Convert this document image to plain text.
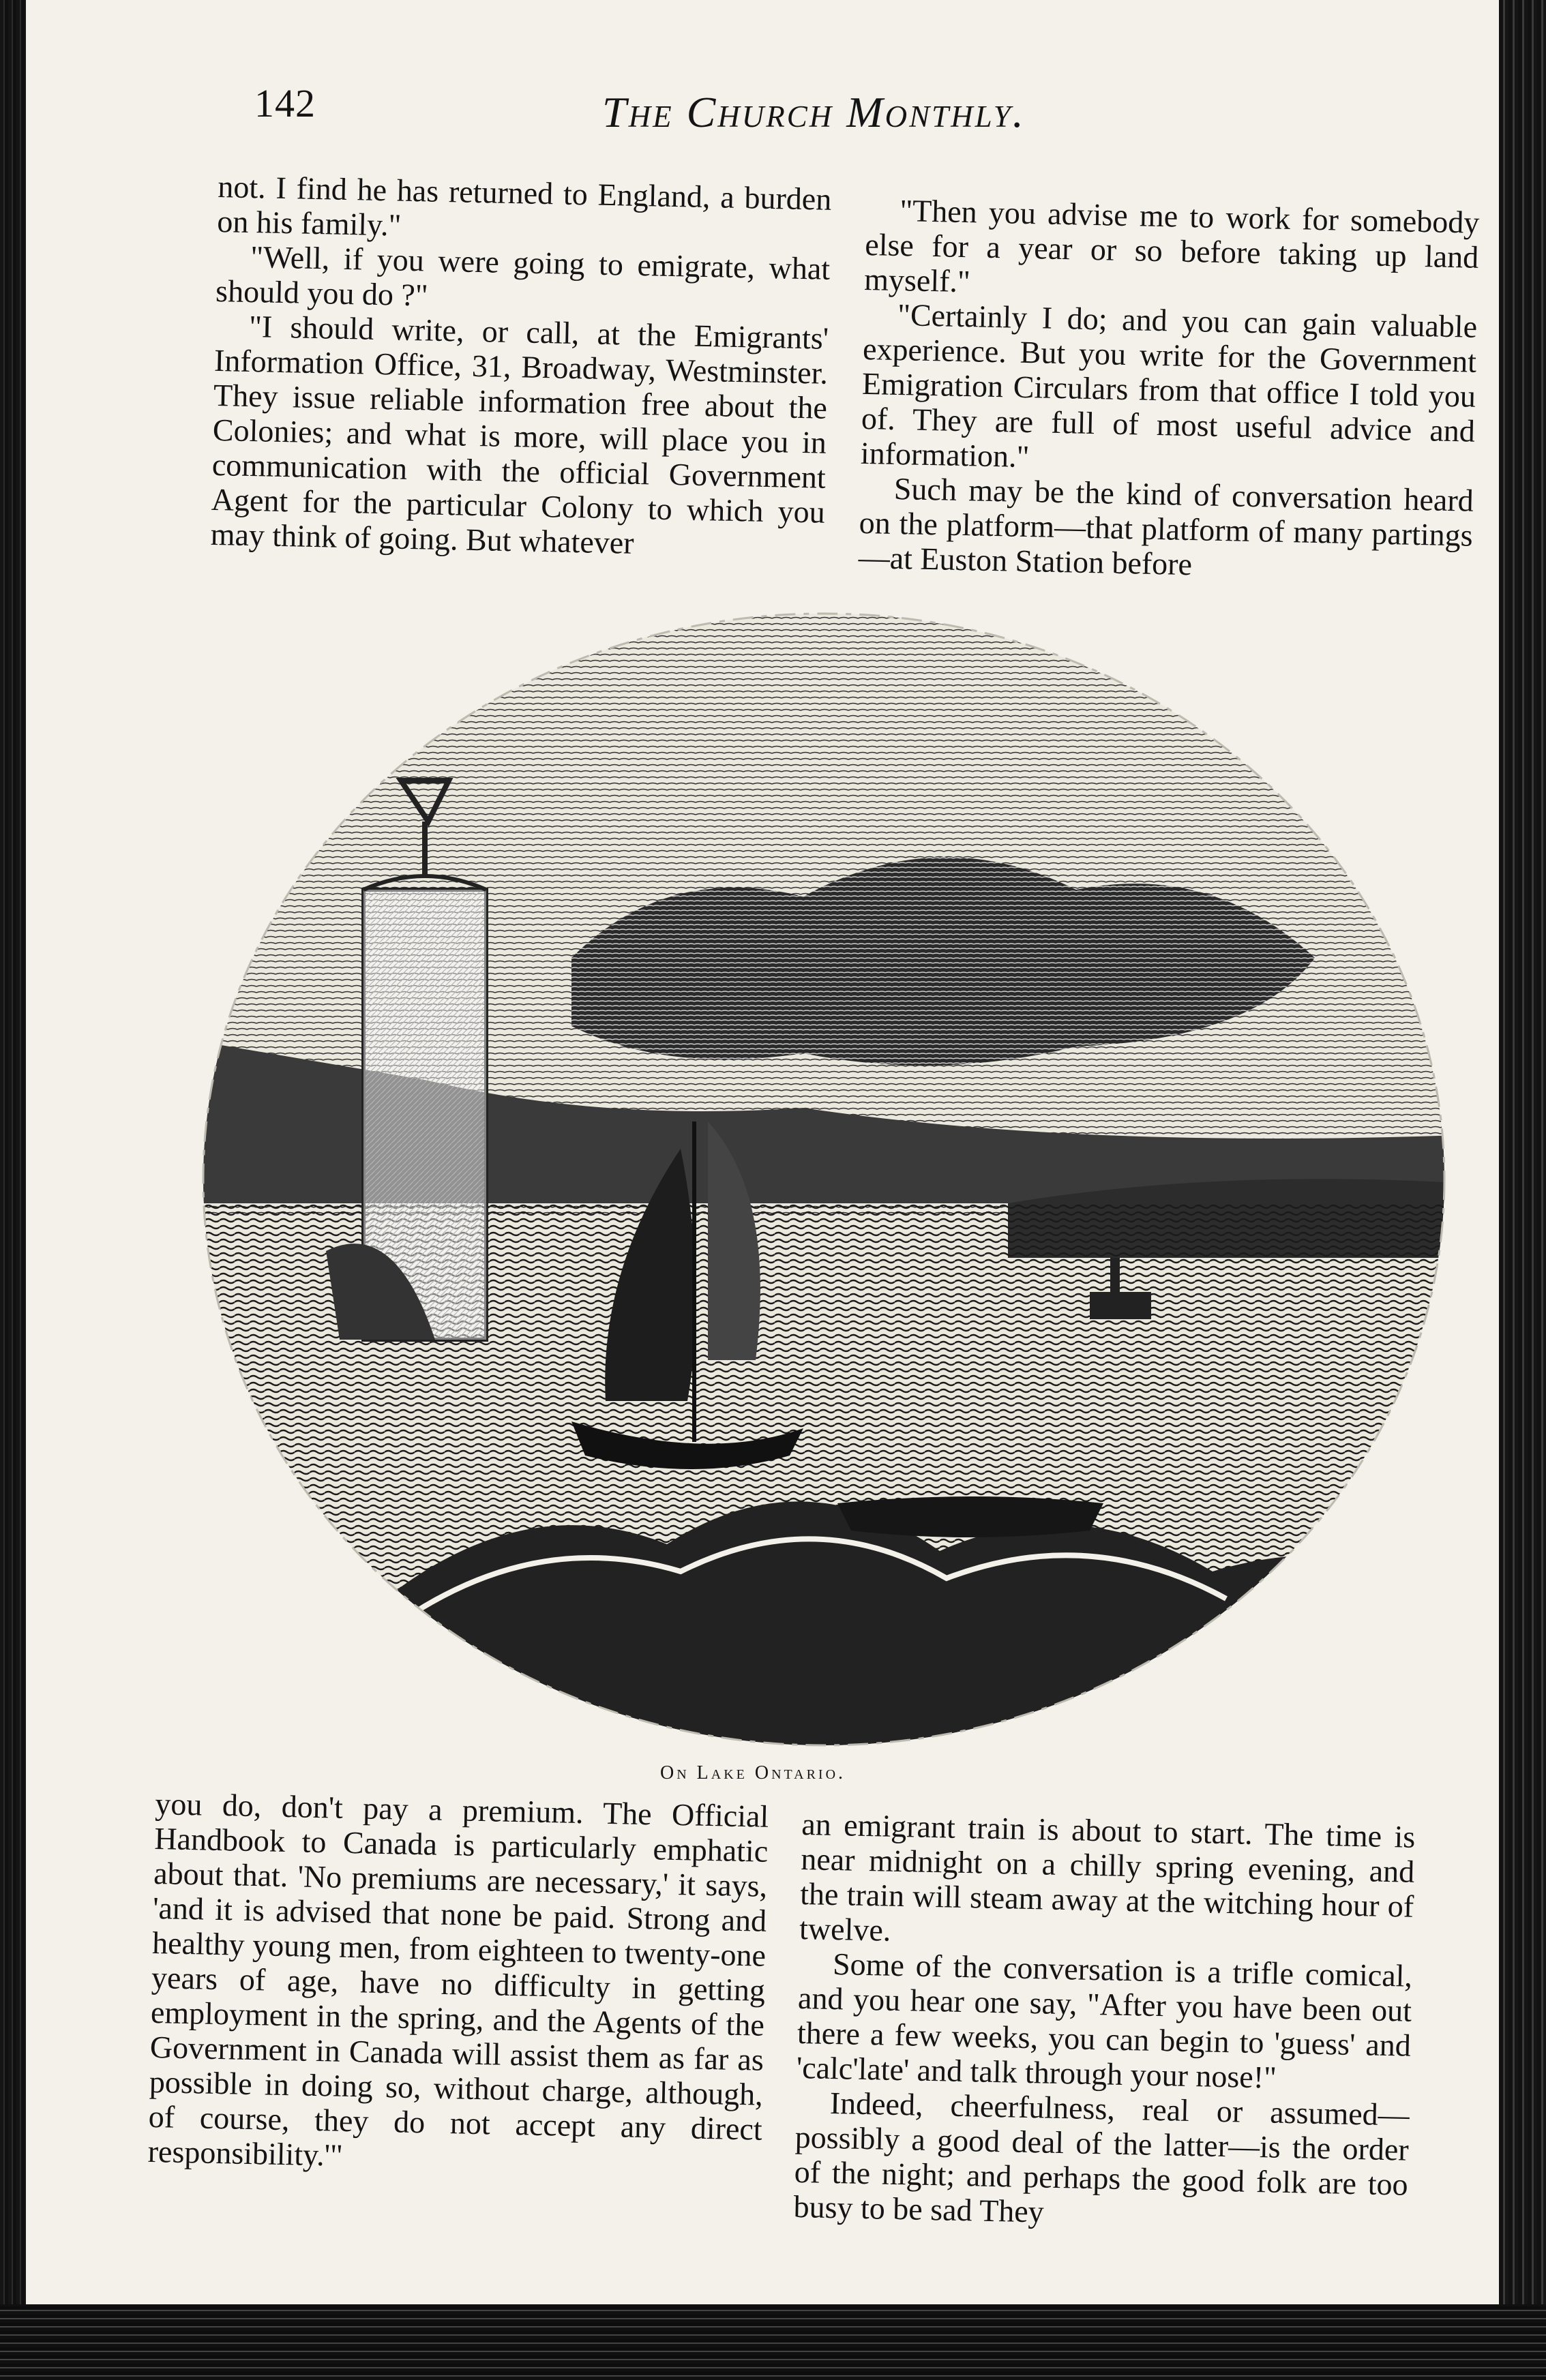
142	The Church Monthly.

not. I find he has returned to England, a burden on his family."

"Well, if you were going to emigrate, what should you do ?"

"I should write, or call, at the Emigrants' Information Office, 31, Broadway, Westminster. They issue reliable information free about the Colonies; and what is more, will place you in communication with the official Government Agent for the particular Colony to which you may think of going. But whatever

"Then you advise me to work for somebody else for a year or so before taking up land myself."

"Certainly I do; and you can gain valuable experience. But you write for the Government Emigration Circulars from that office I told you of. They are full of most useful advice and information."

Such may be the kind of conversation heard on the platform—that platform of many partings—at Euston Station before

On Lake Ontario.

you do, don't pay a premium. The Official Handbook to Canada is particularly emphatic about that. 'No premiums are necessary,' it says, 'and it is advised that none be paid. Strong and healthy young men, from eighteen to twenty-one years of age, have no difficulty in getting employment in the spring, and the Agents of the Government in Canada will assist them as far as possible in doing so, without charge, although, of course, they do not accept any direct responsibility.'"

an emigrant train is about to start. The time is near midnight on a chilly spring evening, and the train will steam away at the witching hour of twelve.

Some of the conversation is a trifle comical, and you hear one say, "After you have been out there a few weeks, you can begin to 'guess' and 'calc'late' and talk through your nose!"

Indeed, cheerfulness, real or assumed—possibly a good deal of the latter—is the order of the night; and perhaps the good folk are too busy to be sad They
